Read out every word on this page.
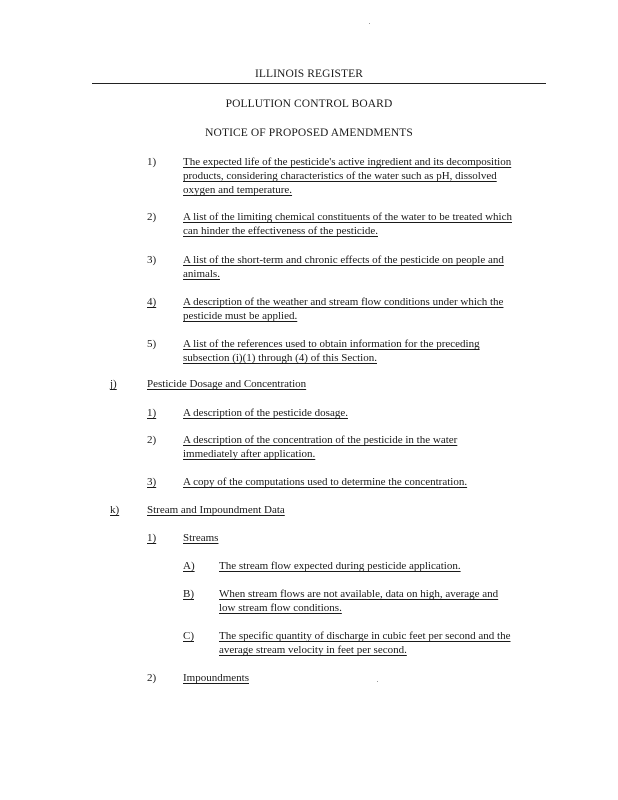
ILLINOIS REGISTER
POLLUTION CONTROL BOARD
NOTICE OF PROPOSED AMENDMENTS
1) The expected life of the pesticide's active ingredient and its decomposition
products, considering characteristics of the water such as pH, dissolved
oxygen and temperature.
2) A list of the limiting chemical constituents of the water to be treated which
can hinder the effectiveness of the pesticide.
3) A list of the short-term and chronic effects of the pesticide on people and
animals.
4) A description of the weather and stream flow conditions under which the
pesticide must be applied.
5) A list of the references used to obtain information for the preceding
subsection (i)(1) through (4) of this Section.
j)	Pesticide Dosage and Concentration
1) A description of the pesticide dosage.
2) A description of the concentration of the pesticide in the water
immediately after application.
3) A copy of the computations used to determine the concentration.
k)	Stream and Impoundment Data
1) Streams
A) The stream flow expected during pesticide application.
B) When stream flows are not available, data on high, average and
low stream flow conditions.
C) The specific quantity of discharge in cubic feet per second and the
average stream velocity in feet per second.
2) Impoundments
